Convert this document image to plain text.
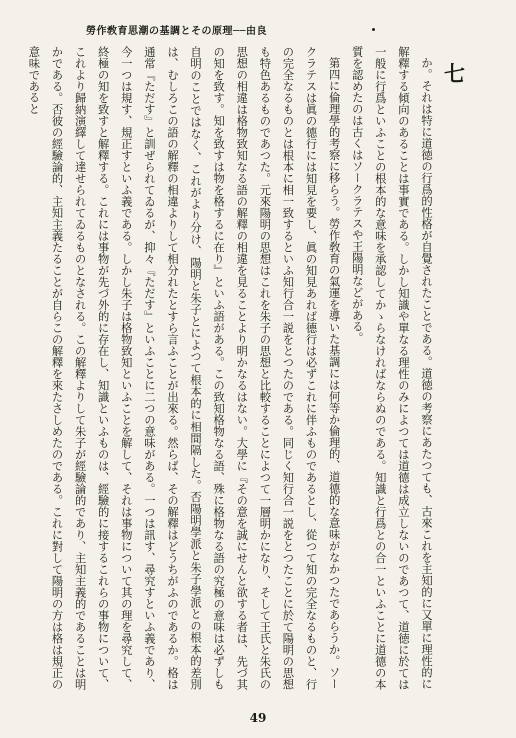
勞作敎育思潮の基調とその原理──由良
七

か。それは特に道徳の行爲的性格が自覺されたことである。道徳の考察にあたつても、古來これを主知的に又單に理性的に解釋する傾向のあることは事實である。しかし知識や單なる理性のみによつては道德は成立しないのであつて、道徳に於ては一般に行爲といふことの根本的な意味を承認してかゝらなければならぬのである。知識と行爲との合一といふことに道德の本質を認めたのは古くはソークラテスや王陽明などがある。

第四に倫理學的考察に移らう。勞作敎育の氣運を導いた基調には何等か倫理的、道德的な意味がなかつたであらうか。ソークラテスは眞の德行には知見を要し、眞の知見あれば德行は必ずこれに伴ふものであるとし、從つて知の完全なるものと、行の完全なるものとは根本に相一致するといふ知行合一説をとつたのである。同じく知行合一説をとつたことに於て陽明の思想も特色あるものであつた。元來陽明の思想はこれを朱子の思想と比較することによつて一層明かになり、そして王氏と朱氏の思想の相違は格物致知なる語の解釋の相違を見ることより明かなるはない。大學に『その意を誠にせんと欲する者は、先づ其の知を致す。知を致すは物を格するに在り』といふ語がある。この致知格物なる語、殊に格物なる語の究極の意味は必ずしも自明のことではなく、これがより分け、陽明と朱子とによつて根本的に相間隔した。否陽明學派と朱子學派との根本的差別は、むしろこの語の解釋の相違よりして相分れたとすら言ふことが出來る。然らば、その解釋はどうちがふのであるか。格は通常『ただす』と訓ぜられてゐるが、抑々『ただす』といふことに二つの意味がある。一つは訊す、尋究すといふ義であり、今一つは規す、規正すといふ義である。しかし朱子は格物致知といふことを解して、それは事物について其の理を尋究して、終極の知を致すと解釋する。これには事物が先づ外的に存在し、知識といふものは、經驗的に接するこれらの事物について、これより歸納演繹して達せられてゐるものとなされる。この解釋よりして朱子が經驗論的であり、主知主義的であることは明かである。否彼の經驗論的、主知主義たることが自らこの解釋を來たさしめたのである。これに對して陽明の方は格は規正の意味であると

49
